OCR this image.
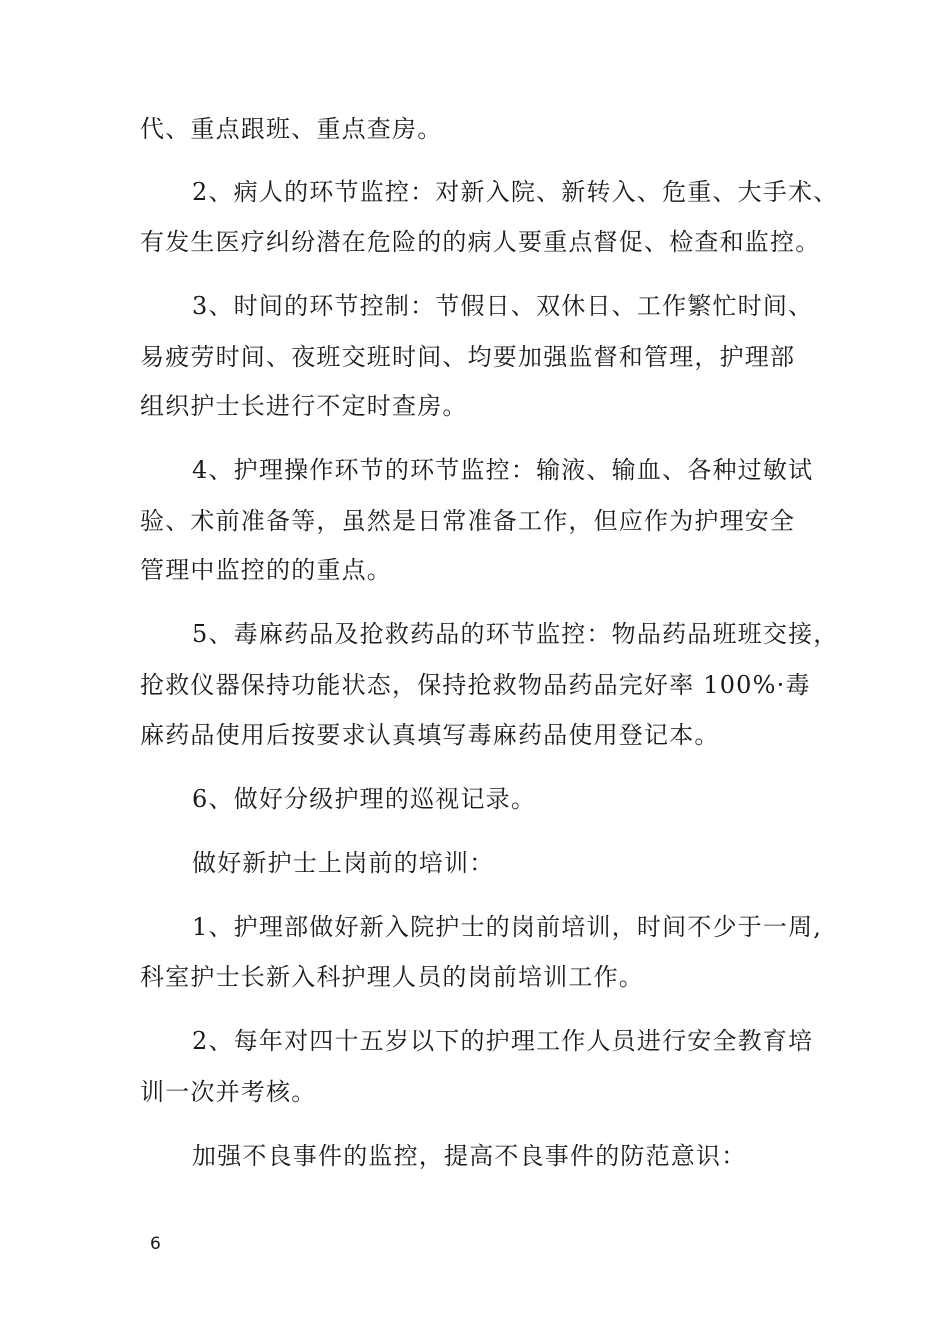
代、重点跟班、重点查房。
2、病人的环节监控：对新入院、新转入、危重、大手术、
有发生医疗纠纷潜在危险的的病人要重点督促、检查和监控。
3、时间的环节控制：节假日、双休日、工作繁忙时间、
易疲劳时间、夜班交班时间、均要加强监督和管理，护理部
组织护士长进行不定时查房。
4、护理操作环节的环节监控：输液、输血、各种过敏试
验、术前准备等，虽然是日常准备工作，但应作为护理安全
管理中监控的的重点。
5、毒麻药品及抢救药品的环节监控：物品药品班班交接，
抢救仪器保持功能状态，保持抢救物品药品完好率 100%·毒
麻药品使用后按要求认真填写毒麻药品使用登记本。
6、做好分级护理的巡视记录。
做好新护士上岗前的培训：
1、护理部做好新入院护士的岗前培训，时间不少于一周,
科室护士长新入科护理人员的岗前培训工作。
2、每年对四十五岁以下的护理工作人员进行安全教育培
训一次并考核。
加强不良事件的监控，提高不良事件的防范意识：
6
